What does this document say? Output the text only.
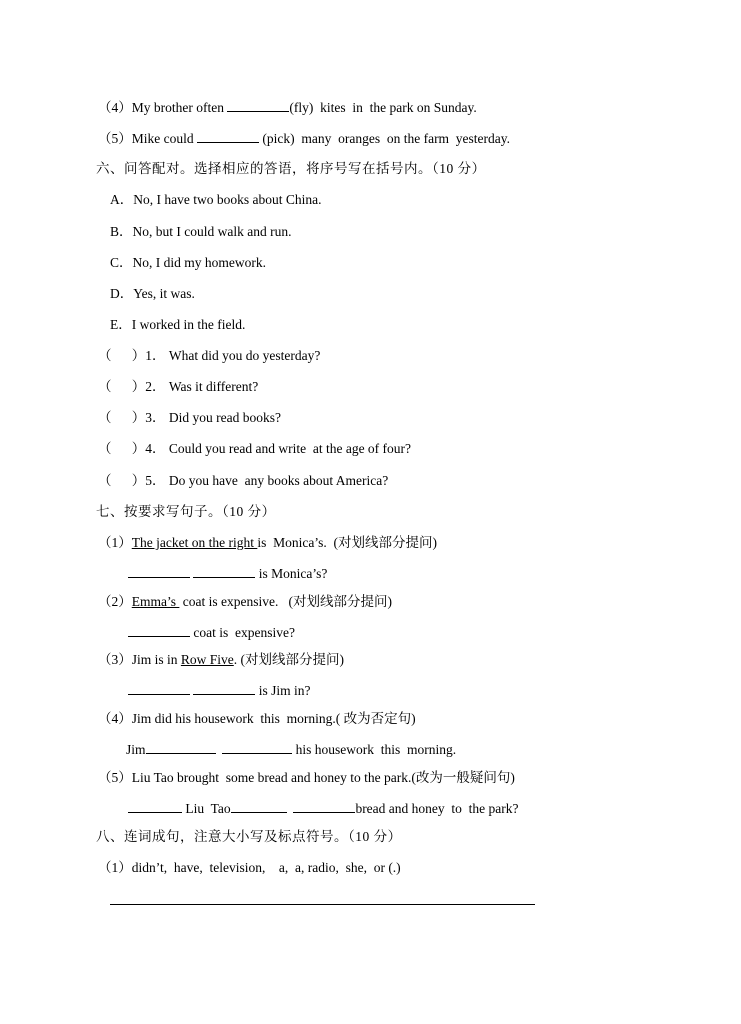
（4）My brother often	(fly)  kites  in  the park on Sunday.
（5）Mike could	(pick)  many  oranges  on the farm  yesterday.
六、问答配对。选择相应的答语，将序号写在括号内。（10 分）
A．No, I have two books about China.
B．No, but I could walk and run.
C．No, I did my homework.
D．Yes, it was.
E．I worked in the field.
（      ）1． What did you do yesterday?
（      ）2． Was it different?
（      ）3． Did you read books?
（      ）4． Could you read and write  at the age of four?
（      ）5． Do you have  any books about America?
七、按要求写句子。（10 分）
（1）The jacket on the right is  Monica’s.  (对划线部分提问)
is Monica’s?
（2）Emma’s  coat is expensive.   (对划线部分提问)
coat is  expensive?
（3）Jim is in Row Five. (对划线部分提问)
is Jim in?
（4）Jim did his housework  this  morning.( 改为否定句)
Jim	his housework  this  morning.
（5）Liu Tao brought  some bread and honey to the park.(改为一般疑问句)
Liu  Tao	bread and honey  to  the park?
八、连词成句，注意大小写及标点符号。（10 分）
（1）didn’t,  have,  television,    a,  a, radio,  she,  or (.)
